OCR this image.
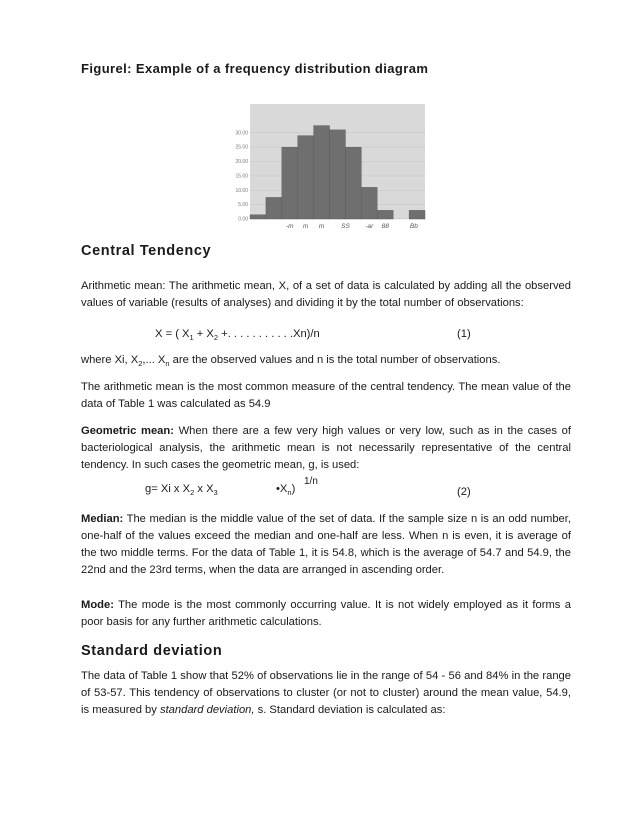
Figurel: Example of a frequency distribution diagram
0.00
5.00
10.00
15.00
20.00
25.00
30.00
-m m m	SS -ar 88	Bb
Central Tendency

Arithmetic mean: The arithmetic mean, X, of a set of data is calculated by adding all the observed values of variable (results of analyses) and dividing it by the total number of observations:

X = ( $X_1 + X_2$ +. . . . . . . . . . .Xn)/n	(1)

where Xi, $X_2$,... $X_n$ are the observed values and n is the total number of observations.

The arithmetic mean is the most common measure of the central tendency. The mean value of the data of Table 1 was calculated as 54.9

Geometric mean: When there are a few very high values or very low, such as in the cases of bacteriological analysis, the arithmetic mean is not necessarily representative of the central tendency. In such cases the geometric mean, g, is used:

g= Xi x $X_2$ x $X_3$	$•X_n$)
1/n
(2)

Median: The median is the middle value of the set of data. If the sample size n is an odd number, one-half of the values exceed the median and one-half are less. When n is even, it is average of the two middle terms. For the data of Table 1, it is 54.8, which is the average of 54.7 and 54.9, the 22nd and the 23rd terms, when the data are arranged in ascending order.

Mode: The mode is the most commonly occurring value. It is not widely employed as it forms a poor basis for any further arithmetic calculations.

Standard deviation

The data of Table 1 show that 52% of observations lie in the range of 54 - 56 and 84% in the range of 53-57. This tendency of observations to cluster (or not to cluster) around the mean value, 54.9, is measured by standard deviation, s. Standard deviation is calculated as:
